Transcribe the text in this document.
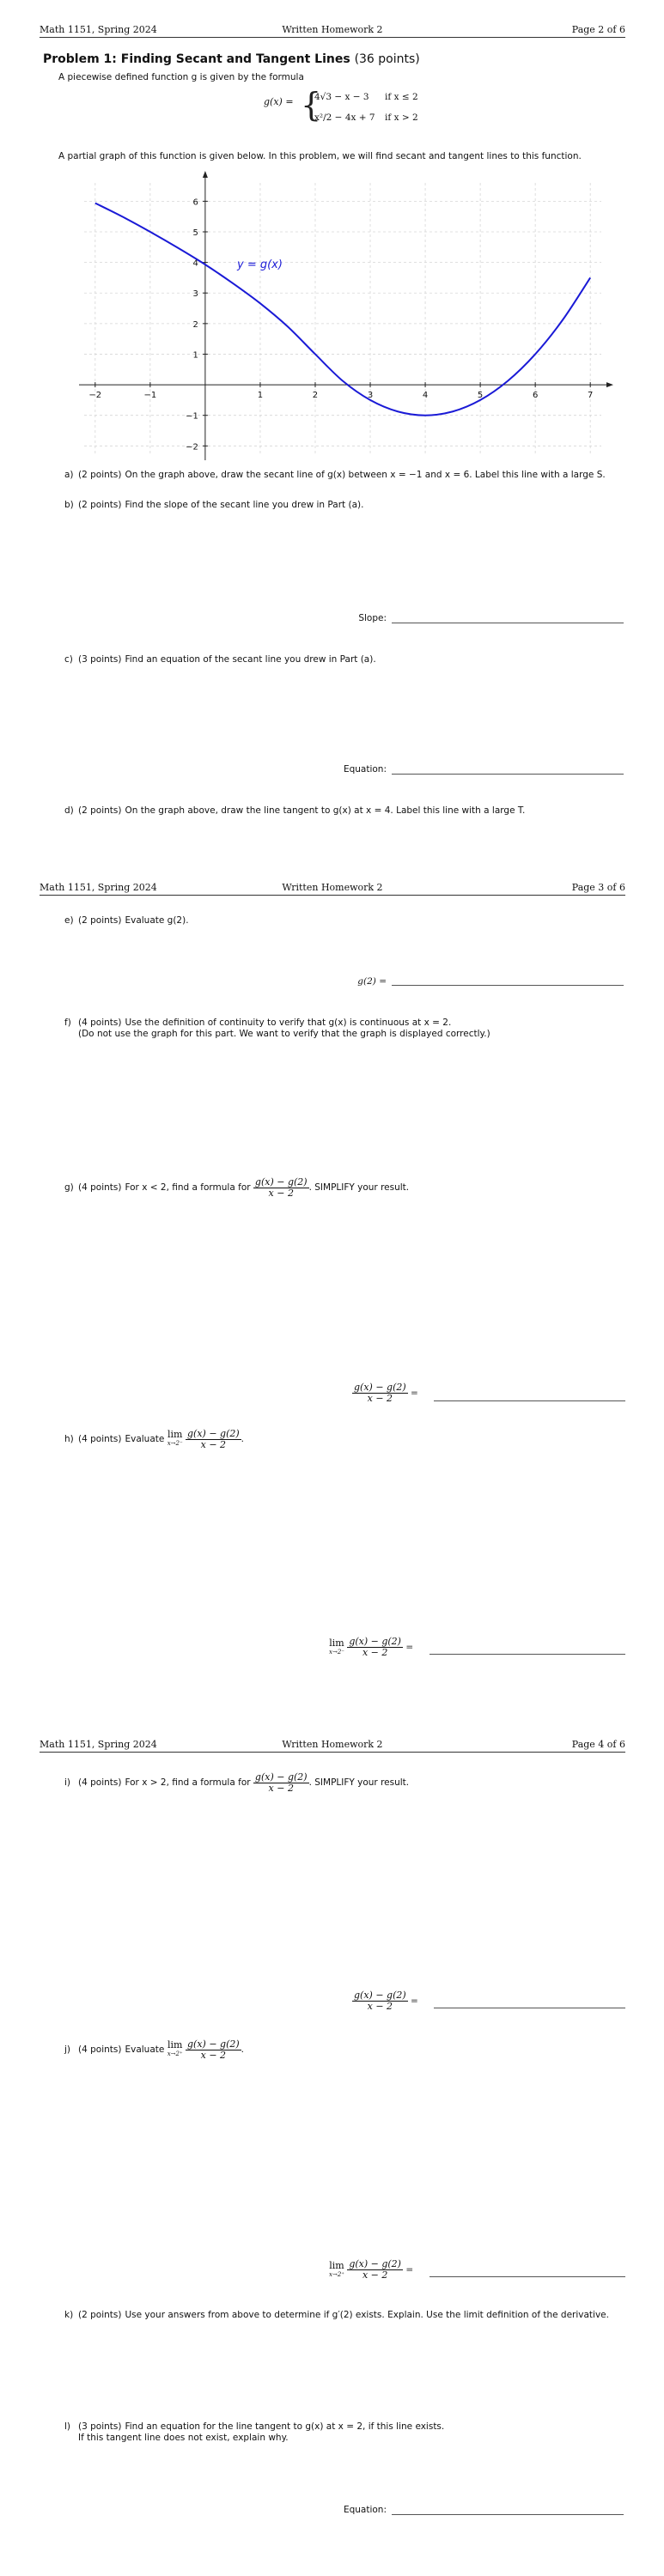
Math 1151, Spring 2024	Written Homework 2	Page 2 of 6
Problem 1: Finding Secant and Tangent Lines (36 points)
A piecewise defined function g is given by the formula
g(x) = {
4√3 − x − 3 if x ≤ 2
x²/2 − 4x + 7 if x > 2
A partial graph of this function is given below. In this problem, we will find secant and tangent lines to this function.
−2	−1	1	2	3	4	5	6	7
−2
−1
1
2
3
4
5
6
y = g(x)
a) (2 points) On the graph above, draw the secant line of g(x) between x = −1 and x = 6. Label this line with a large S.
b) (2 points) Find the slope of the secant line you drew in Part (a).
Slope:
c) (3 points) Find an equation of the secant line you drew in Part (a).
Equation:
d) (2 points) On the graph above, draw the line tangent to g(x) at x = 4. Label this line with a large T.
Math 1151, Spring 2024	Written Homework 2	Page 3 of 6
e) (2 points) Evaluate g(2).
g(2) =
f) (4 points) Use the definition of continuity to verify that g(x) is continuous at x = 2.
(Do not use the graph for this part. We want to verify that the graph is displayed correctly.)
g) (4 points) For x < 2, find a formula for $\frac{g(x) - g(2)}{x - 2}$ . SIMPLIFY your result.
$\frac{g(x) - g(2)}{x - 2}$ =
h) (4 points) Evaluate lim
x→2⁻
$\frac{g(x) - g(2)}{x - 2}$ .
lim
x→2⁻
$\frac{g(x) - g(2)}{x - 2}$ =
Math 1151, Spring 2024	Written Homework 2	Page 4 of 6
i) (4 points) For x > 2, find a formula for $\frac{g(x) - g(2)}{x - 2}$ . SIMPLIFY your result.
$\frac{g(x) - g(2)}{x - 2}$ =
j) (4 points) Evaluate lim
x→2⁺
$\frac{g(x) - g(2)}{x - 2}$ .
lim
x→2⁺
$\frac{g(x) - g(2)}{x - 2}$ =
k) (2 points) Use your answers from above to determine if g′(2) exists. Explain. Use the limit definition of the derivative.
l) (3 points) Find an equation for the line tangent to g(x) at x = 2, if this line exists.
If this tangent line does not exist, explain why.
Equation:
